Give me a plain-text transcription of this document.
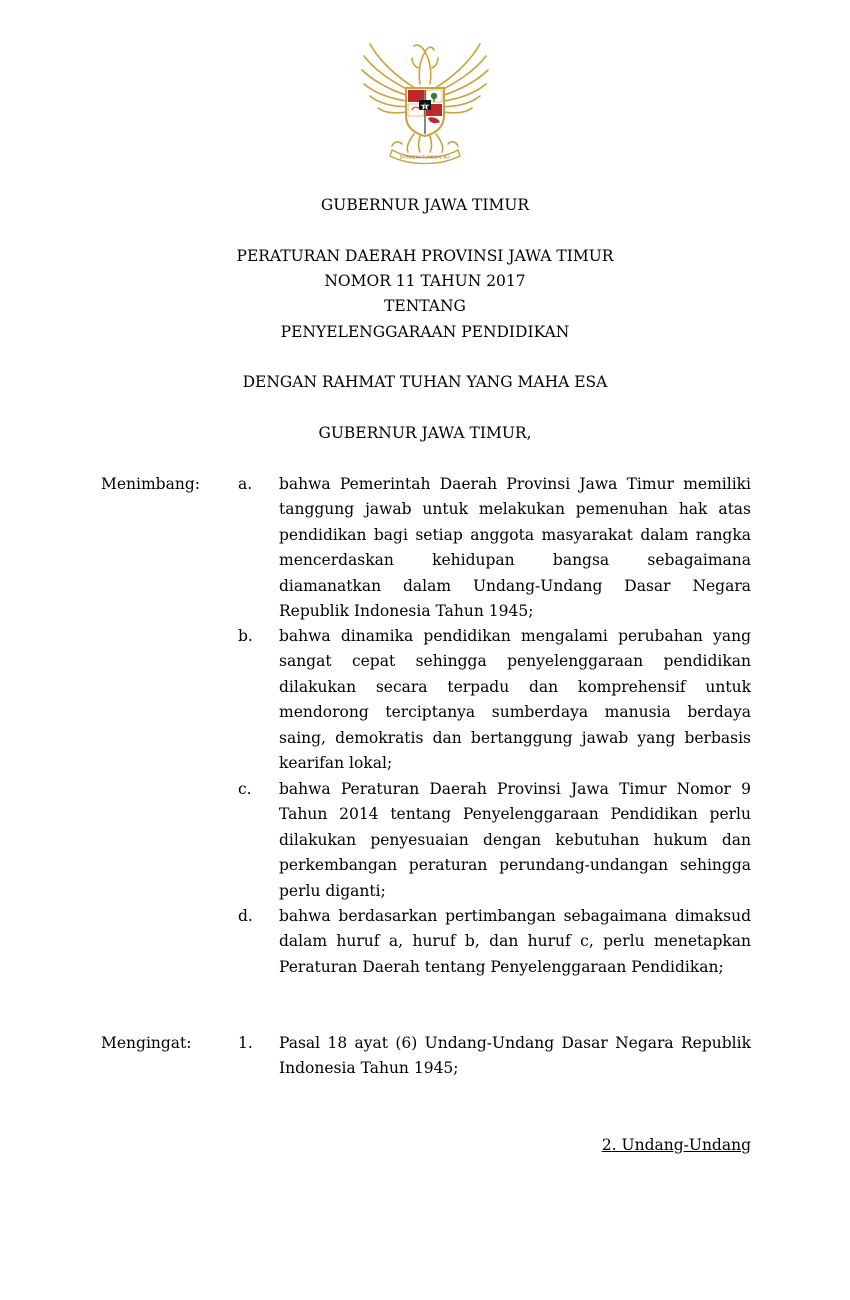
BHINNEKA TUNGGAL IKA
GUBERNUR JAWA TIMUR
PERATURAN DAERAH PROVINSI JAWA TIMUR
NOMOR 11 TAHUN 2017
TENTANG
PENYELENGGARAAN PENDIDIKAN
DENGAN RAHMAT TUHAN YANG MAHA ESA
GUBERNUR JAWA TIMUR,
Menimbang: a. bahwa Pemerintah Daerah Provinsi Jawa Timur memiliki tanggung jawab untuk melakukan pemenuhan hak atas pendidikan bagi setiap anggota masyarakat dalam rangka mencerdaskan kehidupan bangsa sebagaimana diamanatkan dalam Undang-Undang Dasar Negara Republik Indonesia Tahun 1945;
b. bahwa dinamika pendidikan mengalami perubahan yang sangat cepat sehingga penyelenggaraan pendidikan dilakukan secara terpadu dan komprehensif untuk mendorong terciptanya sumberdaya manusia berdaya saing, demokratis dan bertanggung jawab yang berbasis kearifan lokal;
c. bahwa Peraturan Daerah Provinsi Jawa Timur Nomor 9 Tahun 2014 tentang Penyelenggaraan Pendidikan perlu dilakukan penyesuaian dengan kebutuhan hukum dan perkembangan peraturan perundang-undangan sehingga perlu diganti;
d. bahwa berdasarkan pertimbangan sebagaimana dimaksud dalam huruf a, huruf b, dan huruf c, perlu menetapkan Peraturan Daerah tentang Penyelenggaraan Pendidikan;
Mengingat:	1. Pasal 18 ayat (6) Undang-Undang Dasar Negara Republik Indonesia Tahun 1945;
2. Undang-Undang
